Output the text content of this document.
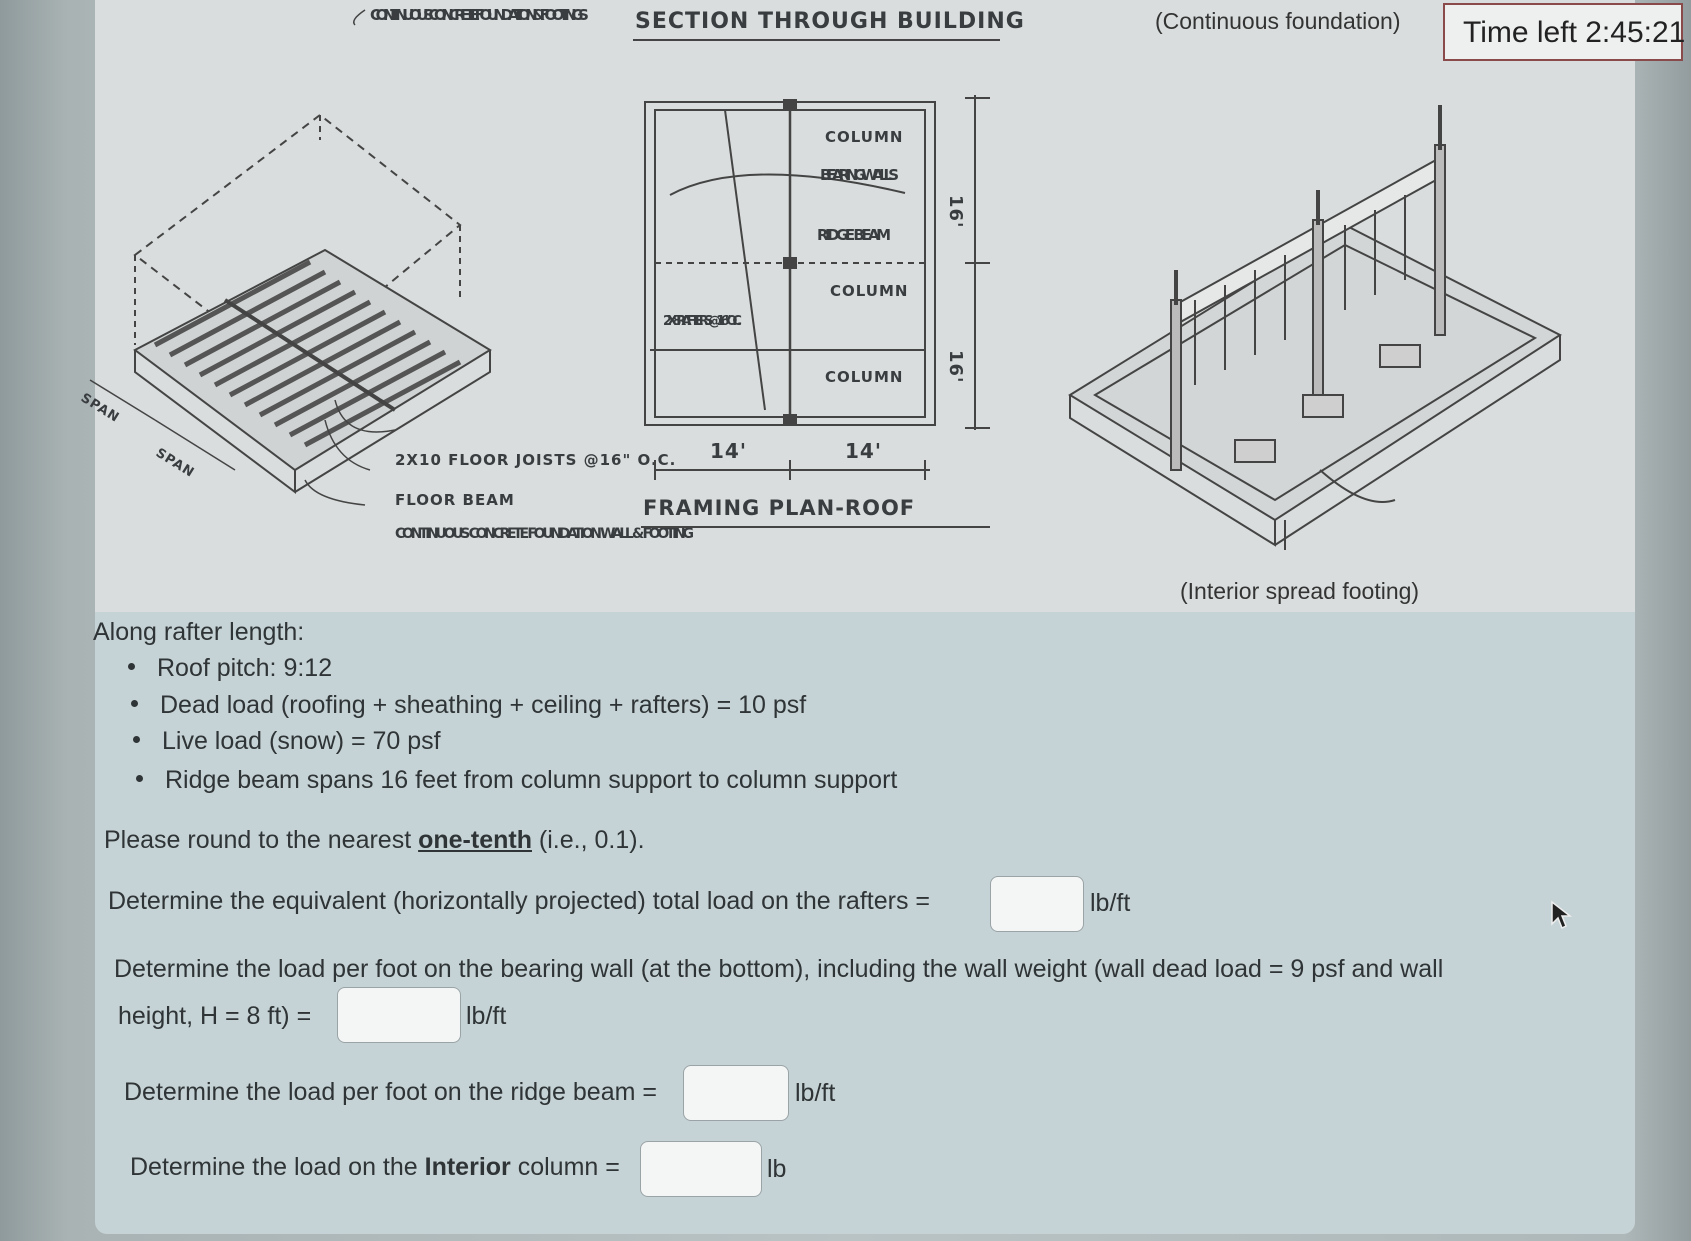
CONTINUOUS CONCRETE FOUNDATION & FOOTINGS
SPAN
SPAN	2X10 FLOOR JOISTS @16" O.C.
FLOOR BEAM
CONTINUOUS CONCRETE FOUNDATION WALL & FOOTING
SECTION THROUGH BUILDING
COLUMN
BEARING WALLS
RIDGE BEAM
COLUMN
2X8 RAFTERS @16" O.C.
COLUMN
14'	14'
16'
16'
FRAMING PLAN-ROOF
(Continuous foundation)
(Interior spread footing)
Time left 2:45:21
Along rafter length:
Roof pitch: 9:12
Dead load (roofing + sheathing + ceiling + rafters) = 10 psf
Live load (snow) = 70 psf
Ridge beam spans 16 feet from column support to column support
Please round to the nearest one-tenth (i.e., 0.1).
Determine the equivalent (horizontally projected) total load on the rafters =	lb/ft
Determine the load per foot on the bearing wall (at the bottom), including the wall weight (wall dead load = 9 psf and wall
height, H = 8 ft) =	lb/ft
Determine the load per foot on the ridge beam =	lb/ft
Determine the load on the Interior column =	lb
